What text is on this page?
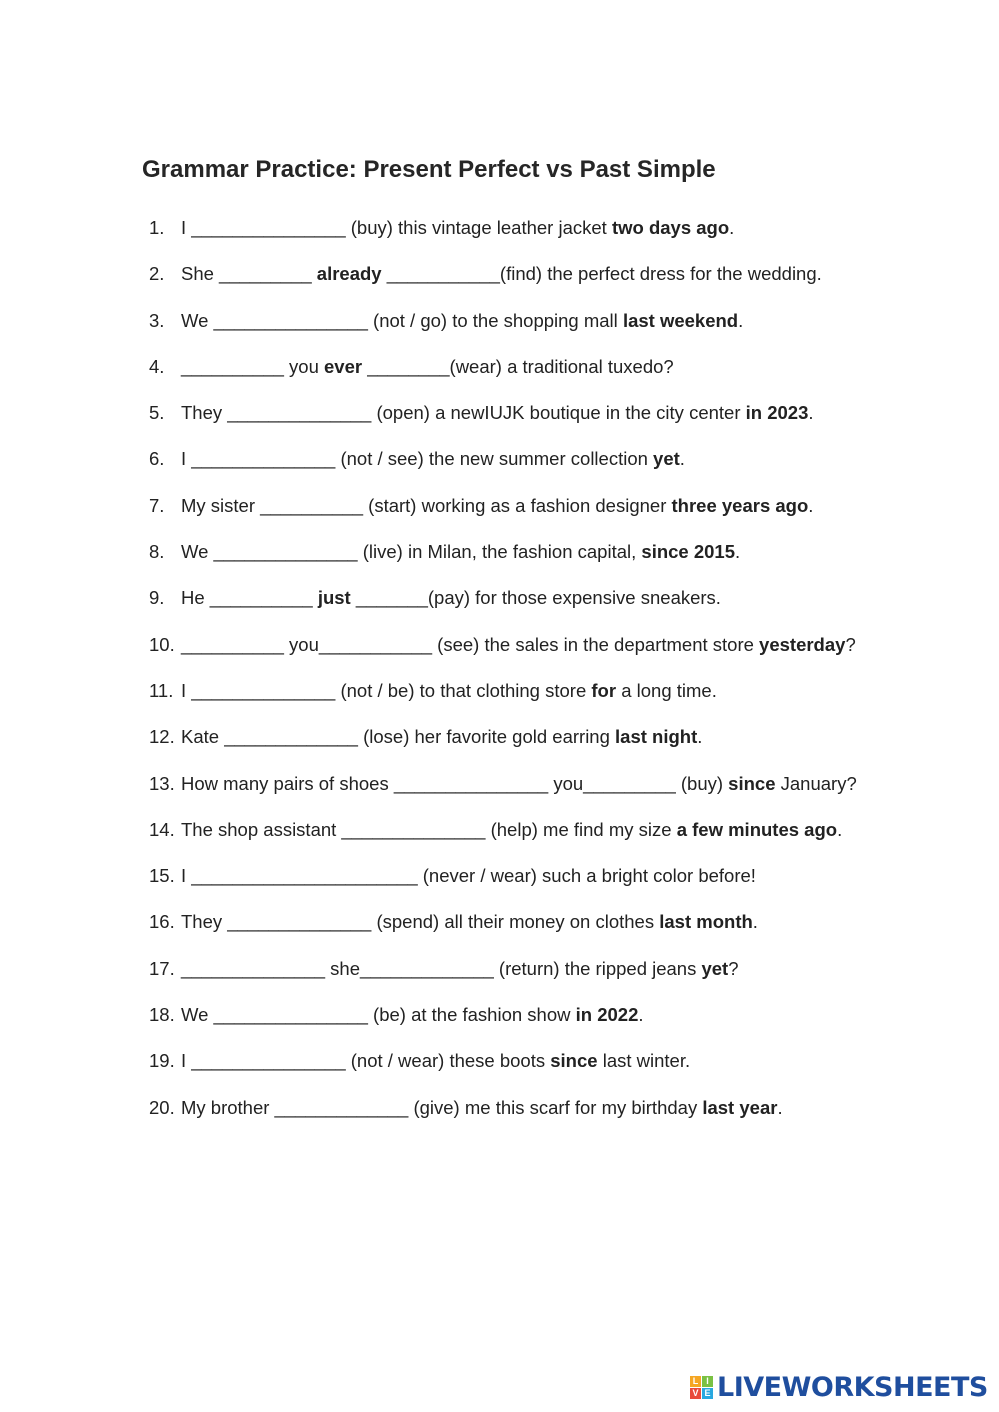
Grammar Practice: Present Perfect vs Past Simple
1. I _______________ (buy) this vintage leather jacket two days ago.
2. She _________ already ___________(find) the perfect dress for the wedding.
3. We _______________ (not / go) to the shopping mall last weekend.
4. __________ you ever ________(wear) a traditional tuxedo?
5. They ______________ (open) a newIUJK boutique in the city center in 2023.
6. I ______________ (not / see) the new summer collection yet.
7. My sister __________ (start) working as a fashion designer three years ago.
8. We ______________ (live) in Milan, the fashion capital, since 2015.
9. He __________ just _______(pay) for those expensive sneakers.
10. __________ you___________ (see) the sales in the department store yesterday?
11. I ______________ (not / be) to that clothing store for a long time.
12. Kate _____________ (lose) her favorite gold earring last night.
13. How many pairs of shoes _______________ you_________ (buy) since January?
14. The shop assistant ______________ (help) me find my size a few minutes ago.
15. I ______________________ (never / wear) such a bright color before!
16. They ______________ (spend) all their money on clothes last month.
17. ______________ she_____________ (return) the ripped jeans yet?
18. We _______________ (be) at the fashion show in 2022.
19. I _______________ (not / wear) these boots since last winter.
20. My brother _____________ (give) me this scarf for my birthday last year.
L I
V E LIVEWORKSHEETS
